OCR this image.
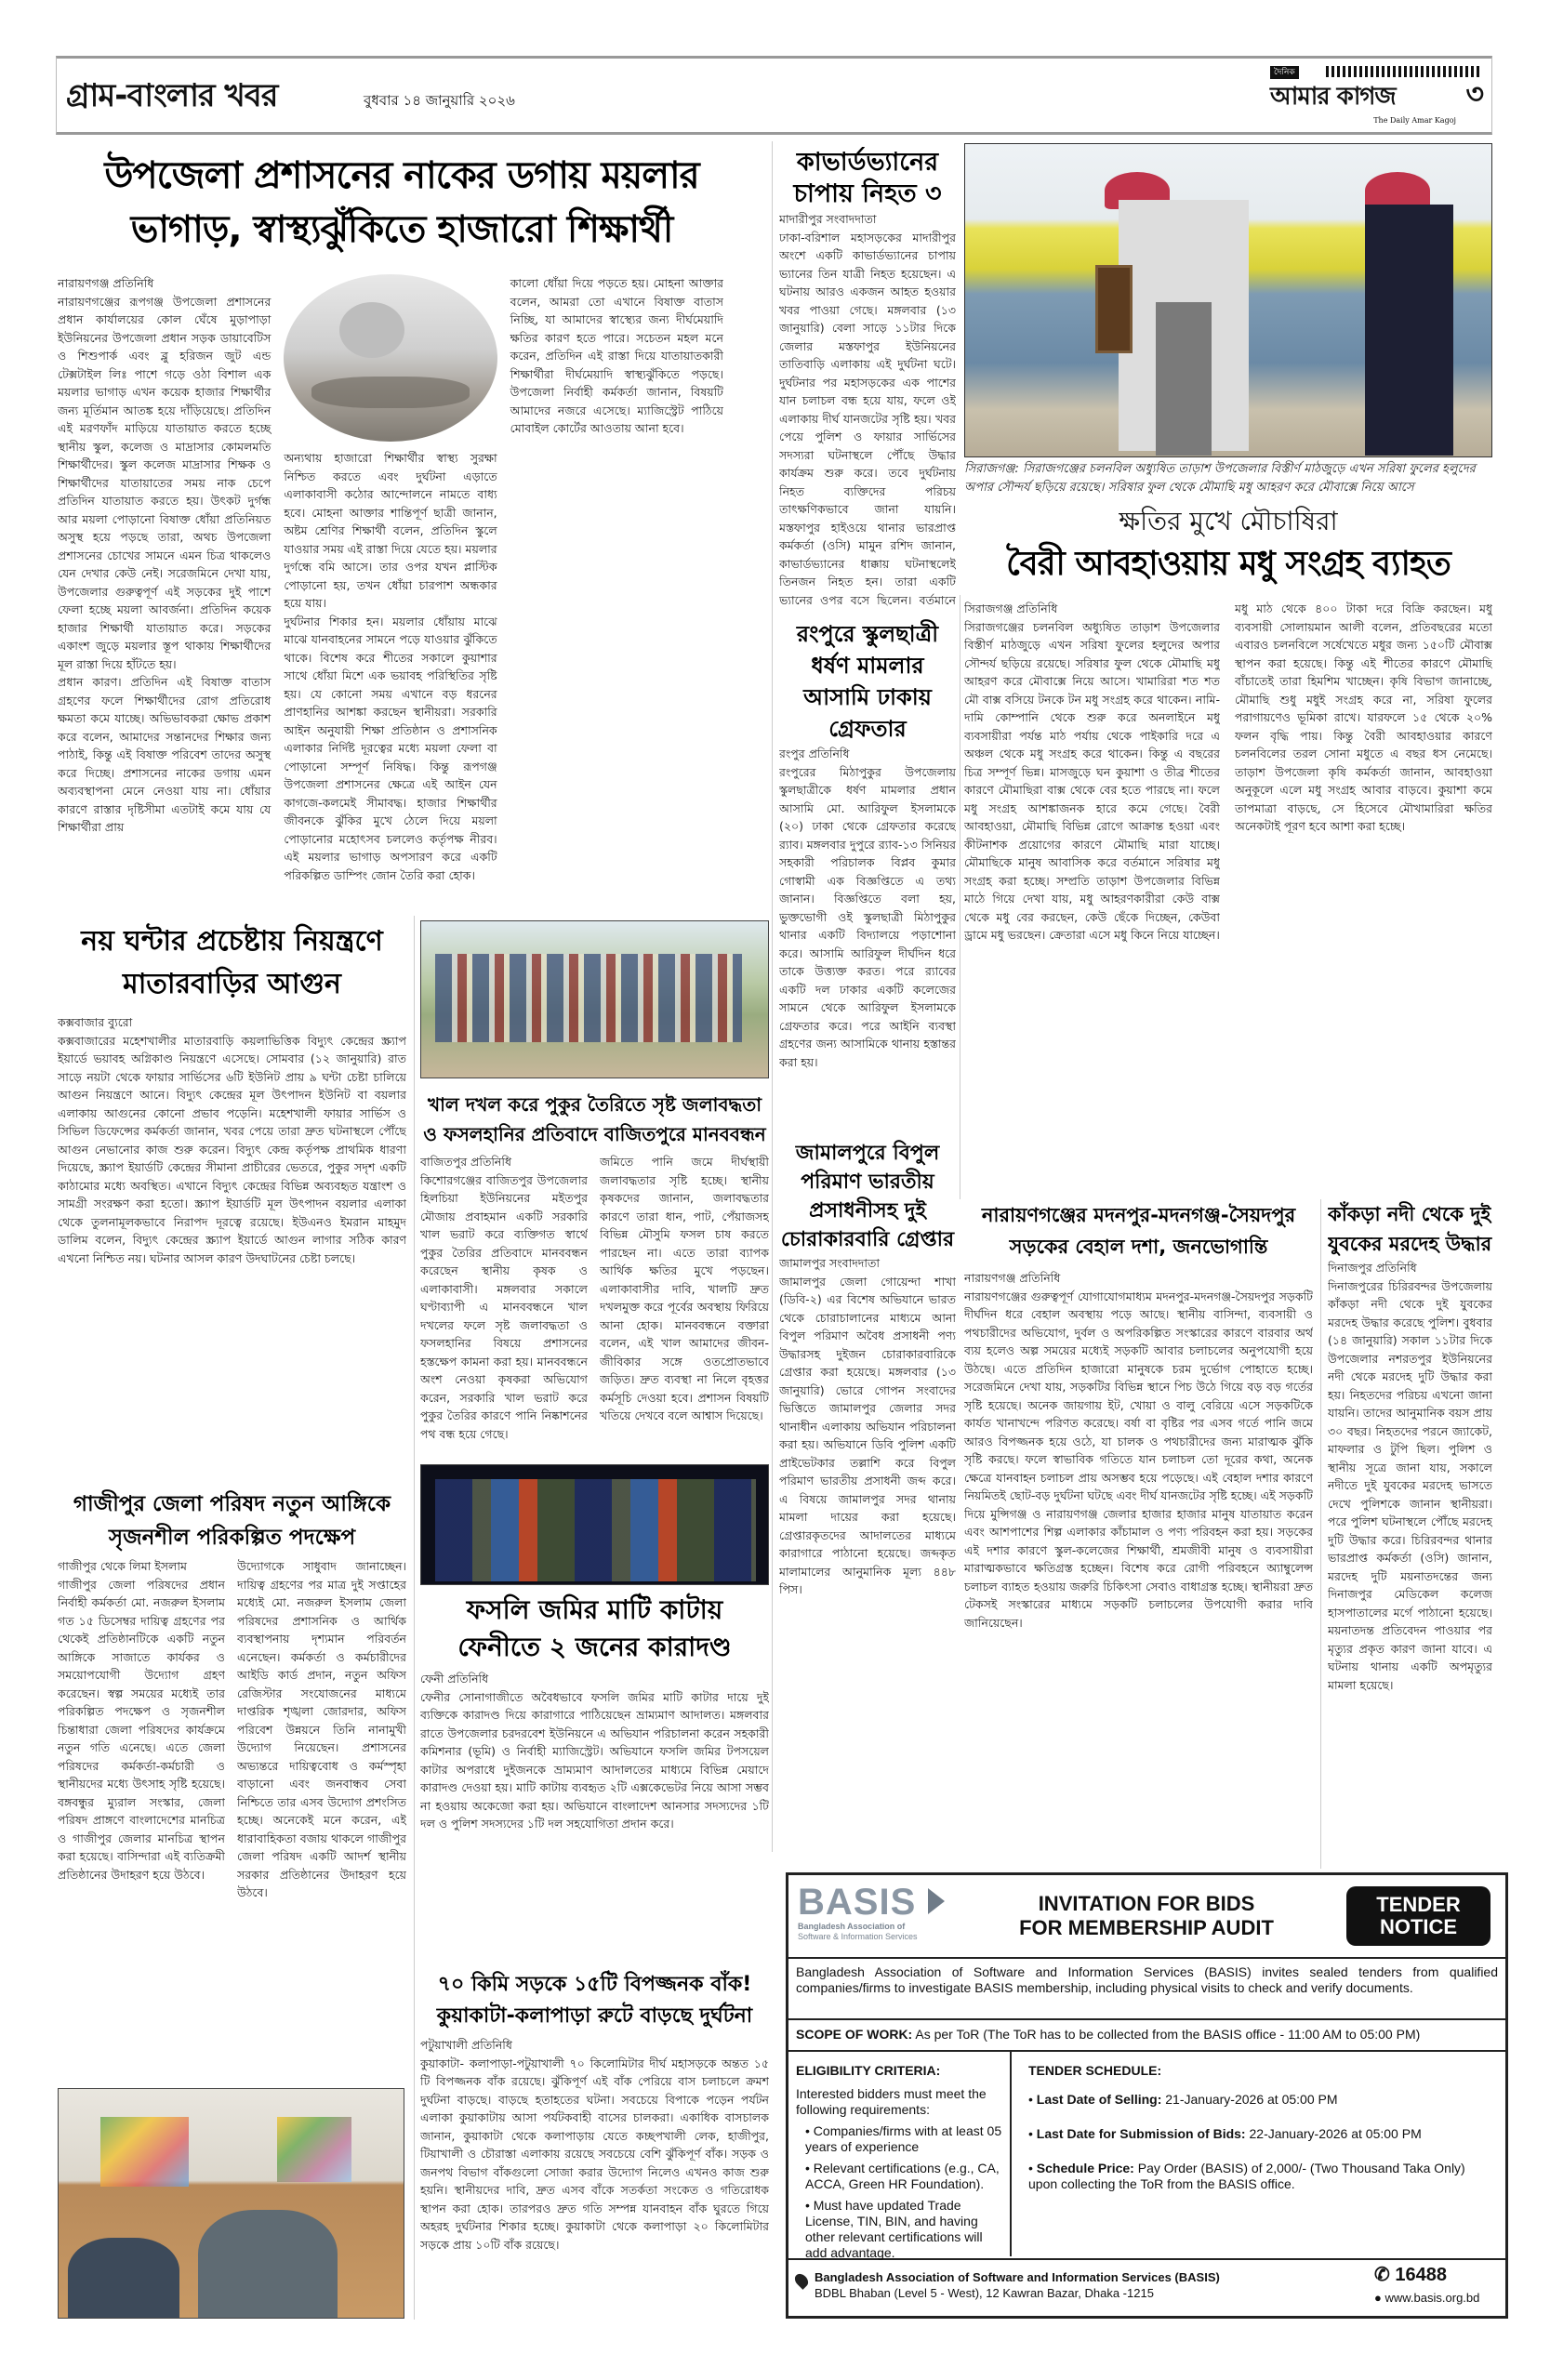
গ্রাম-বাংলার খবর	বুধবার ১৪ জানুয়ারি ২০২৬
দৈনিক
আমার কাগজ	৩
The Daily Amar Kagoj
উপজেলা প্রশাসনের নাকের ডগায় ময়লার
ভাগাড়, স্বাস্থ্যঝুঁকিতে হাজারো শিক্ষার্থী
নারায়ণগঞ্জ প্রতিনিধি
নারায়ণগঞ্জের রূপগঞ্জ উপজেলা প্রশাসনের প্রধান কার্যালয়ের কোল ঘেঁষে মুড়াপাড়া ইউনিয়নের উপজেলা প্রধান সড়ক ডায়াবেটিস ও শিশুপার্ক এবং ব্লু হরিজন জুট এন্ড টেক্সটাইল লিঃ পাশে গড়ে ওঠা বিশাল এক ময়লার ভাগাড় এখন কয়েক হাজার শিক্ষার্থীর জন্য মূর্তিমান আতঙ্ক হয়ে দাঁড়িয়েছে। প্রতিদিন এই মরণফাঁদ মাড়িয়ে যাতায়াত করতে হচ্ছে স্থানীয় স্কুল, কলেজ ও মাদ্রাসার কোমলমতি শিক্ষার্থীদের। স্কুল কলেজ মাদ্রাসার শিক্ষক ও শিক্ষার্থীদের যাতায়াতের সময় নাক চেপে প্রতিদিন যাতায়াত করতে হয়। উৎকট দুর্গন্ধ আর ময়লা পোড়ানো বিষাক্ত ধোঁয়া প্রতিনিয়ত অসুস্থ হয়ে পড়ছে তারা, অথচ উপজেলা প্রশাসনের চোখের সামনে এমন চিত্র থাকলেও যেন দেখার কেউ নেই। সরেজমিনে দেখা যায়, উপজেলার গুরুত্বপূর্ণ এই সড়কের দুই পাশে ফেলা হচ্ছে ময়লা আবর্জনা। প্রতিদিন কয়েক হাজার শিক্ষার্থী যাতায়াত করে। সড়কের একাংশ জুড়ে ময়লার স্তূপ থাকায় শিক্ষার্থীদের মূল রাস্তা দিয়ে হাঁটতে হয়।
প্রধান কারণ। প্রতিদিন এই বিষাক্ত বাতাস গ্রহণের ফলে শিক্ষার্থীদের রোগ প্রতিরোধ ক্ষমতা কমে যাচ্ছে। অভিভাবকরা ক্ষোভ প্রকাশ করে বলেন, আমাদের সন্তানদের শিক্ষার জন্য পাঠাই, কিন্তু এই বিষাক্ত পরিবেশ তাদের অসুস্থ করে দিচ্ছে। প্রশাসনের নাকের ডগায় এমন অব্যবস্থাপনা মেনে নেওয়া যায় না। ধোঁয়ার কারণে রাস্তার দৃষ্টিসীমা এতটাই কমে যায় যে শিক্ষার্থীরা প্রায়
অন্যথায় হাজারো শিক্ষার্থীর স্বাস্থ্য সুরক্ষা নিশ্চিত করতে এবং দুর্ঘটনা এড়াতে এলাকাবাসী কঠোর আন্দোলনে নামতে বাধ্য হবে। মোহনা আক্তার শান্তিপূর্ণ ছাত্রী জানান, অষ্টম শ্রেণির শিক্ষার্থী বলেন, প্রতিদিন স্কুলে যাওয়ার সময় এই রাস্তা দিয়ে যেতে হয়। ময়লার দুর্গন্ধে বমি আসে। তার ওপর যখন প্লাস্টিক পোড়ানো হয়, তখন ধোঁয়া চারপাশ অন্ধকার হয়ে যায়।
দুর্ঘটনার শিকার হন। ময়লার ধোঁয়ায় মাঝে মাঝে যানবাহনের সামনে পড়ে যাওয়ার ঝুঁকিতে থাকে। বিশেষ করে শীতের সকালে কুয়াশার সাথে ধোঁয়া মিশে এক ভয়াবহ পরিস্থিতির সৃষ্টি হয়। যে কোনো সময় এখানে বড় ধরনের প্রাণহানির আশঙ্কা করছেন স্থানীয়রা। সরকারি আইন অনুযায়ী শিক্ষা প্রতিষ্ঠান ও প্রশাসনিক এলাকার নির্দিষ্ট দূরত্বের মধ্যে ময়লা ফেলা বা পোড়ানো সম্পূর্ণ নিষিদ্ধ। কিন্তু রূপগঞ্জ উপজেলা প্রশাসনের ক্ষেত্রে এই আইন যেন কাগজে-কলমেই সীমাবদ্ধ। হাজার শিক্ষার্থীর জীবনকে ঝুঁকির মুখে ঠেলে দিয়ে ময়লা পোড়ানোর মহোৎসব চললেও কর্তৃপক্ষ নীরব। এই ময়লার ভাগাড় অপসারণ করে একটি পরিকল্পিত ডাম্পিং জোন তৈরি করা হোক।
কালো ধোঁয়া দিয়ে পড়তে হয়। মোহনা আক্তার বলেন, আমরা তো এখানে বিষাক্ত বাতাস নিচ্ছি, যা আমাদের স্বাস্থ্যের জন্য দীর্ঘমেয়াদি ক্ষতির কারণ হতে পারে। সচেতন মহল মনে করেন, প্রতিদিন এই রাস্তা দিয়ে যাতায়াতকারী শিক্ষার্থীরা দীর্ঘমেয়াদি স্বাস্থ্যঝুঁকিতে পড়ছে। উপজেলা নির্বাহী কর্মকর্তা জানান, বিষয়টি আমাদের নজরে এসেছে। ম্যাজিস্ট্রেট পাঠিয়ে মোবাইল কোর্টের আওতায় আনা হবে।
কাভার্ডভ্যানের চাপায় নিহত ৩
মাদারীপুর সংবাদদাতা
ঢাকা-বরিশাল মহাসড়কের মাদারীপুর অংশে একটি কাভার্ডভ্যানের চাপায় ভ্যানের তিন যাত্রী নিহত হয়েছেন। এ ঘটনায় আরও একজন আহত হওয়ার খবর পাওয়া গেছে। মঙ্গলবার (১৩ জানুয়ারি) বেলা সাড়ে ১১টার দিকে জেলার মস্তফাপুর ইউনিয়নের তাতিবাড়ি এলাকায় এই দুর্ঘটনা ঘটে। দুর্ঘটনার পর মহাসড়কের এক পাশের যান চলাচল বন্ধ হয়ে যায়, ফলে ওই এলাকায় দীর্ঘ যানজটের সৃষ্টি হয়। খবর পেয়ে পুলিশ ও ফায়ার সার্ভিসের সদস্যরা ঘটনাস্থলে পৌঁছে উদ্ধার কার্যক্রম শুরু করে। তবে দুর্ঘটনায় নিহত ব্যক্তিদের পরিচয় তাৎক্ষণিকভাবে জানা যায়নি। মস্তফাপুর হাইওয়ে থানার ভারপ্রাপ্ত কর্মকর্তা (ওসি) মামুন রশিদ জানান, কাভার্ডভ্যানের ধাক্কায় ঘটনাস্থলেই তিনজন নিহত হন। তারা একটি ভ্যানের ওপর বসে ছিলেন। বর্তমানে
সিরাজগঞ্জ: সিরাজগঞ্জের চলনবিল অধ্যুষিত তাড়াশ উপজেলার বিস্তীর্ণ মাঠজুড়ে এখন সরিষা ফুলের হলুদের অপার সৌন্দর্য ছড়িয়ে রয়েছে। সরিষার ফুল থেকে মৌমাছি মধু আহরণ করে মৌবাক্সে নিয়ে আসে
ক্ষতির মুখে মৌচাষিরা
বৈরী আবহাওয়ায় মধু সংগ্রহ ব্যাহত
সিরাজগঞ্জ প্রতিনিধি
সিরাজগঞ্জের চলনবিল অধ্যুষিত তাড়াশ উপজেলার বিস্তীর্ণ মাঠজুড়ে এখন সরিষা ফুলের হলুদের অপার সৌন্দর্য ছড়িয়ে রয়েছে। সরিষার ফুল থেকে মৌমাছি মধু আহরণ করে মৌবাক্সে নিয়ে আসে। খামারিরা শত শত মৌ বাক্স বসিয়ে টনকে টন মধু সংগ্রহ করে থাকেন। নামি-দামি কোম্পানি থেকে শুরু করে অনলাইনে মধু ব্যবসায়ীরা পর্যন্ত মাঠ পর্যায় থেকে পাইকারি দরে এ অঞ্চল থেকে মধু সংগ্রহ করে থাকেন। কিন্তু এ বছরের চিত্র সম্পূর্ণ ভিন্ন। মাসজুড়ে ঘন কুয়াশা ও তীব্র শীতের কারণে মৌমাছিরা বাক্স থেকে বের হতে পারছে না। ফলে মধু সংগ্রহ আশঙ্কাজনক হারে কমে গেছে। বৈরী আবহাওয়া, মৌমাছি বিভিন্ন রোগে আক্রান্ত হওয়া এবং কীটনাশক প্রয়োগের কারণে মৌমাছি মারা যাচ্ছে। মৌমাছিকে মানুষ আবাসিক করে বর্তমানে সরিষার মধু সংগ্রহ করা হচ্ছে। সম্প্রতি তাড়াশ উপজেলার বিভিন্ন মাঠে গিয়ে দেখা যায়, মধু আহরণকারীরা কেউ বাক্স থেকে মধু বের করছেন, কেউ ছেঁকে দিচ্ছেন, কেউবা ড্রামে মধু ভরছেন। ক্রেতারা এসে মধু কিনে নিয়ে যাচ্ছেন।
মধু মাঠ থেকে ৪০০ টাকা দরে বিক্রি করছেন। মধু ব্যবসায়ী সোলায়মান আলী বলেন, প্রতিবছরের মতো এবারও চলনবিলে সর্ষেখেতে মধুর জন্য ১৫০টি মৌবাক্স স্থাপন করা হয়েছে। কিন্তু এই শীতের কারণে মৌমাছি বাঁচাতেই তারা হিমশিম খাচ্ছেন। কৃষি বিভাগ জানাচ্ছে, মৌমাছি শুধু মধুই সংগ্রহ করে না, সরিষা ফুলের পরাগায়ণেও ভূমিকা রাখে। যারফলে ১৫ থেকে ২০% ফলন বৃদ্ধি পায়। কিন্তু বৈরী আবহাওয়ার কারণে চলনবিলের তরল সোনা মধুতে এ বছর ধস নেমেছে। তাড়াশ উপজেলা কৃষি কর্মকর্তা জানান, আবহাওয়া অনুকূলে এলে মধু সংগ্রহ আবার বাড়বে। কুয়াশা কমে তাপমাত্রা বাড়ছে, সে হিসেবে মৌখামারিরা ক্ষতির অনেকটাই পূরণ হবে আশা করা হচ্ছে।
রংপুরে স্কুলছাত্রী ধর্ষণ মামলার আসামি ঢাকায় গ্রেফতার
রংপুর প্রতিনিধি
রংপুরের মিঠাপুকুর উপজেলায় স্কুলছাত্রীকে ধর্ষণ মামলার প্রধান আসামি মো. আরিফুল ইসলামকে (২০) ঢাকা থেকে গ্রেফতার করেছে র‍্যাব। মঙ্গলবার দুপুরে র‍্যাব-১৩ সিনিয়র সহকারী পরিচালক বিপ্লব কুমার গোস্বামী এক বিজ্ঞপ্তিতে এ তথ্য জানান। বিজ্ঞপ্তিতে বলা হয়, ভুক্তভোগী ওই স্কুলছাত্রী মিঠাপুকুর থানার একটি বিদ্যালয়ে পড়াশোনা করে। আসামি আরিফুল দীর্ঘদিন ধরে তাকে উত্ত্যক্ত করত। পরে র‍্যাবের একটি দল ঢাকার একটি কলেজের সামনে থেকে আরিফুল ইসলামকে গ্রেফতার করে। পরে আইনি ব্যবস্থা গ্রহণের জন্য আসামিকে থানায় হস্তান্তর করা হয়।
জামালপুরে বিপুল পরিমাণ ভারতীয় প্রসাধনীসহ দুই চোরাকারবারি গ্রেপ্তার
জামালপুর সংবাদদাতা
জামালপুর জেলা গোয়েন্দা শাখা (ডিবি-২) এর বিশেষ অভিযানে ভারত থেকে চোরাচালানের মাধ্যমে আনা বিপুল পরিমাণ অবৈধ প্রসাধনী পণ্য উদ্ধারসহ দুইজন চোরাকারবারিকে গ্রেপ্তার করা হয়েছে। মঙ্গলবার (১৩ জানুয়ারি) ভোরে গোপন সংবাদের ভিত্তিতে জামালপুর জেলার সদর থানাধীন এলাকায় অভিযান পরিচালনা করা হয়। অভিযানে ডিবি পুলিশ একটি প্রাইভেটকার তল্লাশি করে বিপুল পরিমাণ ভারতীয় প্রসাধনী জব্দ করে। এ বিষয়ে জামালপুর সদর থানায় মামলা দায়ের করা হয়েছে। গ্রেপ্তারকৃতদের আদালতের মাধ্যমে কারাগারে পাঠানো হয়েছে। জব্দকৃত মালামালের আনুমানিক মূল্য ৪৪৮ পিস।
নয় ঘন্টার প্রচেষ্টায় নিয়ন্ত্রণে মাতারবাড়ির আগুন
কক্সবাজার ব্যুরো
কক্সবাজারের মহেশখালীর মাতারবাড়ি কয়লাভিত্তিক বিদ্যুৎ কেন্দ্রের স্ক্র্যাপ ইয়ার্ডে ভয়াবহ অগ্নিকাণ্ড নিয়ন্ত্রণে এসেছে। সোমবার (১২ জানুয়ারি) রাত সাড়ে নয়টা থেকে ফায়ার সার্ভিসের ৬টি ইউনিট প্রায় ৯ ঘন্টা চেষ্টা চালিয়ে আগুন নিয়ন্ত্রণে আনে। বিদ্যুৎ কেন্দ্রের মূল উৎপাদন ইউনিট বা বয়লার এলাকায় আগুনের কোনো প্রভাব পড়েনি। মহেশখালী ফায়ার সার্ভিস ও সিভিল ডিফেন্সের কর্মকর্তা জানান, খবর পেয়ে তারা দ্রুত ঘটনাস্থলে পৌঁছে আগুন নেভানোর কাজ শুরু করেন। বিদ্যুৎ কেন্দ্র কর্তৃপক্ষ প্রাথমিক ধারণা দিয়েছে, স্ক্র্যাপ ইয়ার্ডটি কেন্দ্রের সীমানা প্রাচীরের ভেতরে, পুকুর সদৃশ একটি কাঠামোর মধ্যে অবস্থিত। এখানে বিদ্যুৎ কেন্দ্রের বিভিন্ন অব্যবহৃত যন্ত্রাংশ ও সামগ্রী সংরক্ষণ করা হতো। স্ক্র্যাপ ইয়ার্ডটি মূল উৎপাদন বয়লার এলাকা থেকে তুলনামূলকভাবে নিরাপদ দূরত্বে রয়েছে। ইউএনও ইমরান মাহমুদ ডালিম বলেন, বিদ্যুৎ কেন্দ্রের স্ক্র্যাপ ইয়ার্ডে আগুন লাগার সঠিক কারণ এখনো নিশ্চিত নয়। ঘটনার আসল কারণ উদঘাটনের চেষ্টা চলছে।
খাল দখল করে পুকুর তৈরিতে সৃষ্ট জলাবদ্ধতা ও ফসলহানির প্রতিবাদে বাজিতপুরে মানববন্ধন
বাজিতপুর প্রতিনিধি
কিশোরগঞ্জের বাজিতপুর উপজেলার হিলচিয়া ইউনিয়নের মইতপুর মৌজায় প্রবাহমান একটি সরকারি খাল ভরাট করে ব্যক্তিগত স্বার্থে পুকুর তৈরির প্রতিবাদে মানববন্ধন করেছেন স্থানীয় কৃষক ও এলাকাবাসী। মঙ্গলবার সকালে ঘণ্টাব্যাপী এ মানববন্ধনে খাল দখলের ফলে সৃষ্ট জলাবদ্ধতা ও ফসলহানির বিষয়ে প্রশাসনের হস্তক্ষেপ কামনা করা হয়। মানববন্ধনে অংশ নেওয়া কৃষকরা অভিযোগ করেন, সরকারি খাল ভরাট করে পুকুর তৈরির কারণে পানি নিষ্কাশনের পথ বন্ধ হয়ে গেছে।
জমিতে পানি জমে দীর্ঘস্থায়ী জলাবদ্ধতার সৃষ্টি হচ্ছে। স্থানীয় কৃষকদের জানান, জলাবদ্ধতার কারণে তারা ধান, পাট, পেঁয়াজসহ বিভিন্ন মৌসুমি ফসল চাষ করতে পারছেন না। এতে তারা ব্যাপক আর্থিক ক্ষতির মুখে পড়ছেন। এলাকাবাসীর দাবি, খালটি দ্রুত দখলমুক্ত করে পূর্বের অবস্থায় ফিরিয়ে আনা হোক। মানববন্ধনে বক্তারা বলেন, এই খাল আমাদের জীবন-জীবিকার সঙ্গে ওতপ্রোতভাবে জড়িত। দ্রুত ব্যবস্থা না নিলে বৃহত্তর কর্মসূচি দেওয়া হবে। প্রশাসন বিষয়টি খতিয়ে দেখবে বলে আশ্বাস দিয়েছে।
গাজীপুর জেলা পরিষদ নতুন আঙ্গিকে সৃজনশীল পরিকল্পিত পদক্ষেপ
গাজীপুর থেকে লিমা ইসলাম
গাজীপুর জেলা পরিষদের প্রধান নির্বাহী কর্মকর্তা মো. নজরুল ইসলাম গত ১৫ ডিসেম্বর দায়িত্ব গ্রহণের পর থেকেই প্রতিষ্ঠানটিকে একটি নতুন আঙ্গিকে সাজাতে কার্যকর ও সময়োপযোগী উদ্যোগ গ্রহণ করেছেন। স্বল্প সময়ের মধ্যেই তার পরিকল্পিত পদক্ষেপ ও সৃজনশীল চিন্তাধারা জেলা পরিষদের কার্যক্রমে নতুন গতি এনেছে। এতে জেলা পরিষদের কর্মকর্তা-কর্মচারী ও স্থানীয়দের মধ্যে উৎসাহ সৃষ্টি হয়েছে। বঙ্গবন্ধুর ম্যুরাল সংস্কার, জেলা পরিষদ প্রাঙ্গণে বাংলাদেশের মানচিত্র ও গাজীপুর জেলার মানচিত্র স্থাপন করা হয়েছে। বাসিন্দারা এই ব্যতিক্রমী প্রতিষ্ঠানের উদাহরণ হয়ে উঠবে।
উদ্যোগকে সাধুবাদ জানাচ্ছেন। দায়িত্ব গ্রহণের পর মাত্র দুই সপ্তাহের মধ্যেই মো. নজরুল ইসলাম জেলা পরিষদের প্রশাসনিক ও আর্থিক ব্যবস্থাপনায় দৃশ্যমান পরিবর্তন এনেছেন। কর্মকর্তা ও কর্মচারীদের আইডি কার্ড প্রদান, নতুন অফিস রেজিস্টার সংযোজনের মাধ্যমে দাপ্তরিক শৃঙ্খলা জোরদার, অফিস পরিবেশ উন্নয়নে তিনি নানামুখী উদ্যোগ নিয়েছেন। প্রশাসনের অভ্যন্তরে দায়িত্ববোধ ও কর্মস্পৃহা বাড়ানো এবং জনবান্ধব সেবা নিশ্চিতে তার এসব উদ্যোগ প্রশংসিত হচ্ছে। অনেকেই মনে করেন, এই ধারাবাহিকতা বজায় থাকলে গাজীপুর জেলা পরিষদ একটি আদর্শ স্থানীয় সরকার প্রতিষ্ঠানের উদাহরণ হয়ে উঠবে।
ফসলি জমির মাটি কাটায়
ফেনীতে ২ জনের কারাদণ্ড
ফেনী প্রতিনিধি
ফেনীর সোনাগাজীতে অবৈধভাবে ফসলি জমির মাটি কাটার দায়ে দুই ব্যক্তিকে কারাদণ্ড দিয়ে কারাগারে পাঠিয়েছেন ভ্রাম্যমাণ আদালত। মঙ্গলবার রাতে উপজেলার চরদরবেশ ইউনিয়নে এ অভিযান পরিচালনা করেন সহকারী কমিশনার (ভূমি) ও নির্বাহী ম্যাজিস্ট্রেট। অভিযানে ফসলি জমির টপসয়েল কাটার অপরাধে দুইজনকে ভ্রাম্যমাণ আদালতের মাধ্যমে বিভিন্ন মেয়াদে কারাদণ্ড দেওয়া হয়। মাটি কাটায় ব্যবহৃত ২টি এক্সকেভেটর নিয়ে আসা সম্ভব না হওয়ায় অকেজো করা হয়। অভিযানে বাংলাদেশ আনসার সদস্যদের ১টি দল ও পুলিশ সদস্যদের ১টি দল সহযোগিতা প্রদান করে।
৭০ কিমি সড়কে ১৫টি বিপজ্জনক বাঁক!
কুয়াকাটা-কলাপাড়া রুটে বাড়ছে দুর্ঘটনা
পটুয়াখালী প্রতিনিধি
কুয়াকাটা- কলাপাড়া-পটুয়াখালী ৭০ কিলোমিটার দীর্ঘ মহাসড়কে অন্তত ১৫ টি বিপজ্জনক বাঁক রয়েছে। ঝুঁকিপূর্ণ এই বাঁক পেরিয়ে বাস চলাচলে ক্রমশ দুর্ঘটনা বাড়ছে। বাড়ছে হতাহতের ঘটনা। সবচেয়ে বিপাকে পড়েন পর্যটন এলাকা কুয়াকাটায় আসা পর্যটকবাহী বাসের চালকরা। একাধিক বাসচালক জানান, কুয়াকাটা থেকে কলাপাড়ায় যেতে কচ্ছপখালী লেক, হাজীপুর, টিয়াখালী ও চৌরাস্তা এলাকায় রয়েছে সবচেয়ে বেশি ঝুঁকিপূর্ণ বাঁক। সড়ক ও জনপথ বিভাগ বাঁকগুলো সোজা করার উদ্যোগ নিলেও এখনও কাজ শুরু হয়নি। স্থানীয়দের দাবি, দ্রুত এসব বাঁকে সতর্কতা সংকেত ও গতিরোধক স্থাপন করা হোক। তারপরও দ্রুত গতি সম্পন্ন যানবাহন বাঁক ঘুরতে গিয়ে অহরহ দুর্ঘটনার শিকার হচ্ছে। কুয়াকাটা থেকে কলাপাড়া ২০ কিলোমিটার সড়কে প্রায় ১০টি বাঁক রয়েছে।
নারায়ণগঞ্জের মদনপুর-মদনগঞ্জ-সৈয়দপুর
সড়কের বেহাল দশা, জনভোগান্তি
নারায়ণগঞ্জ প্রতিনিধি
নারায়ণগঞ্জের গুরুত্বপূর্ণ যোগাযোগমাধ্যম মদনপুর-মদনগঞ্জ-সৈয়দপুর সড়কটি দীর্ঘদিন ধরে বেহাল অবস্থায় পড়ে আছে। স্থানীয় বাসিন্দা, ব্যবসায়ী ও পথচারীদের অভিযোগ, দুর্বল ও অপরিকল্পিত সংস্কারের কারণে বারবার অর্থ ব্যয় হলেও অল্প সময়ের মধ্যেই সড়কটি আবার চলাচলের অনুপযোগী হয়ে উঠছে। এতে প্রতিদিন হাজারো মানুষকে চরম দুর্ভোগ পোহাতে হচ্ছে। সরেজমিনে দেখা যায়, সড়কটির বিভিন্ন স্থানে পিচ উঠে গিয়ে বড় বড় গর্তের সৃষ্টি হয়েছে। অনেক জায়গায় ইট, খোয়া ও বালু বেরিয়ে এসে সড়কটিকে কার্যত খানাখন্দে পরিণত করেছে। বর্ষা বা বৃষ্টির পর এসব গর্তে পানি জমে আরও বিপজ্জনক হয়ে ওঠে, যা চালক ও পথচারীদের জন্য মারাত্মক ঝুঁকি সৃষ্টি করছে। ফলে স্বাভাবিক গতিতে যান চলাচল তো দূরের কথা, অনেক ক্ষেত্রে যানবাহন চলাচল প্রায় অসম্ভব হয়ে পড়েছে। এই বেহাল দশার কারণে নিয়মিতই ছোট-বড় দুর্ঘটনা ঘটছে এবং দীর্ঘ যানজটের সৃষ্টি হচ্ছে। এই সড়কটি দিয়ে মুন্সিগঞ্জ ও নারায়ণগঞ্জ জেলার হাজার হাজার মানুষ যাতায়াত করেন এবং আশপাশের শিল্প এলাকার কাঁচামাল ও পণ্য পরিবহন করা হয়। সড়কের এই দশার কারণে স্কুল-কলেজের শিক্ষার্থী, শ্রমজীবী মানুষ ও ব্যবসায়ীরা মারাত্মকভাবে ক্ষতিগ্রস্ত হচ্ছেন। বিশেষ করে রোগী পরিবহনে অ্যাম্বুলেন্স চলাচল ব্যাহত হওয়ায় জরুরি চিকিৎসা সেবাও বাধাগ্রস্ত হচ্ছে। স্থানীয়রা দ্রুত টেকসই সংস্কারের মাধ্যমে সড়কটি চলাচলের উপযোগী করার দাবি জানিয়েছেন।
কাঁকড়া নদী থেকে দুই যুবকের মরদেহ উদ্ধার
দিনাজপুর প্রতিনিধি
দিনাজপুরের চিরিরবন্দর উপজেলায় কাঁকড়া নদী থেকে দুই যুবকের মরদেহ উদ্ধার করেছে পুলিশ। বুধবার (১৪ জানুয়ারি) সকাল ১১টার দিকে উপজেলার নশরতপুর ইউনিয়নের নদী থেকে মরদেহ দুটি উদ্ধার করা হয়। নিহতদের পরিচয় এখনো জানা যায়নি। তাদের আনুমানিক বয়স প্রায় ৩০ বছর। নিহতদের পরনে জ্যাকেট, মাফলার ও টুপি ছিল। পুলিশ ও স্থানীয় সূত্রে জানা যায়, সকালে নদীতে দুই যুবকের মরদেহ ভাসতে দেখে পুলিশকে জানান স্থানীয়রা। পরে পুলিশ ঘটনাস্থলে পৌঁছে মরদেহ দুটি উদ্ধার করে। চিরিরবন্দর থানার ভারপ্রাপ্ত কর্মকর্তা (ওসি) জানান, মরদেহ দুটি ময়নাতদন্তের জন্য দিনাজপুর মেডিকেল কলেজ হাসপাতালের মর্গে পাঠানো হয়েছে। ময়নাতদন্ত প্রতিবেদন পাওয়ার পর মৃত্যুর প্রকৃত কারণ জানা যাবে। এ ঘটনায় থানায় একটি অপমৃত্যুর মামলা হয়েছে।
BASIS
Bangladesh Association of
Software & Information Services
INVITATION FOR BIDS
FOR MEMBERSHIP AUDIT
TENDER
NOTICE
Bangladesh Association of Software and Information Services (BASIS) invites sealed tenders from qualified companies/firms to investigate BASIS membership, including physical visits to check and verify documents.
SCOPE OF WORK: As per ToR (The ToR has to be collected from the BASIS office - 11:00 AM to 05:00 PM)
ELIGIBILITY CRITERIA:
Interested bidders must meet the following requirements:
• Companies/firms with at least 05 years of experience
• Relevant certifications (e.g., CA, ACCA, Green HR Foundation).
• Must have updated Trade License, TIN, BIN, and having other relevant certifications will add advantage.
TENDER SCHEDULE:
• Last Date of Selling: 21-January-2026 at 05:00 PM
• Last Date for Submission of Bids: 22-January-2026 at 05:00 PM
• Schedule Price: Pay Order (BASIS) of 2,000/- (Two Thousand Taka Only) upon collecting the ToR from the BASIS office.
Bangladesh Association of Software and Information Services (BASIS)
BDBL Bhaban (Level 5 - West), 12 Kawran Bazar, Dhaka -1215
✆ 16488
● www.basis.org.bd
